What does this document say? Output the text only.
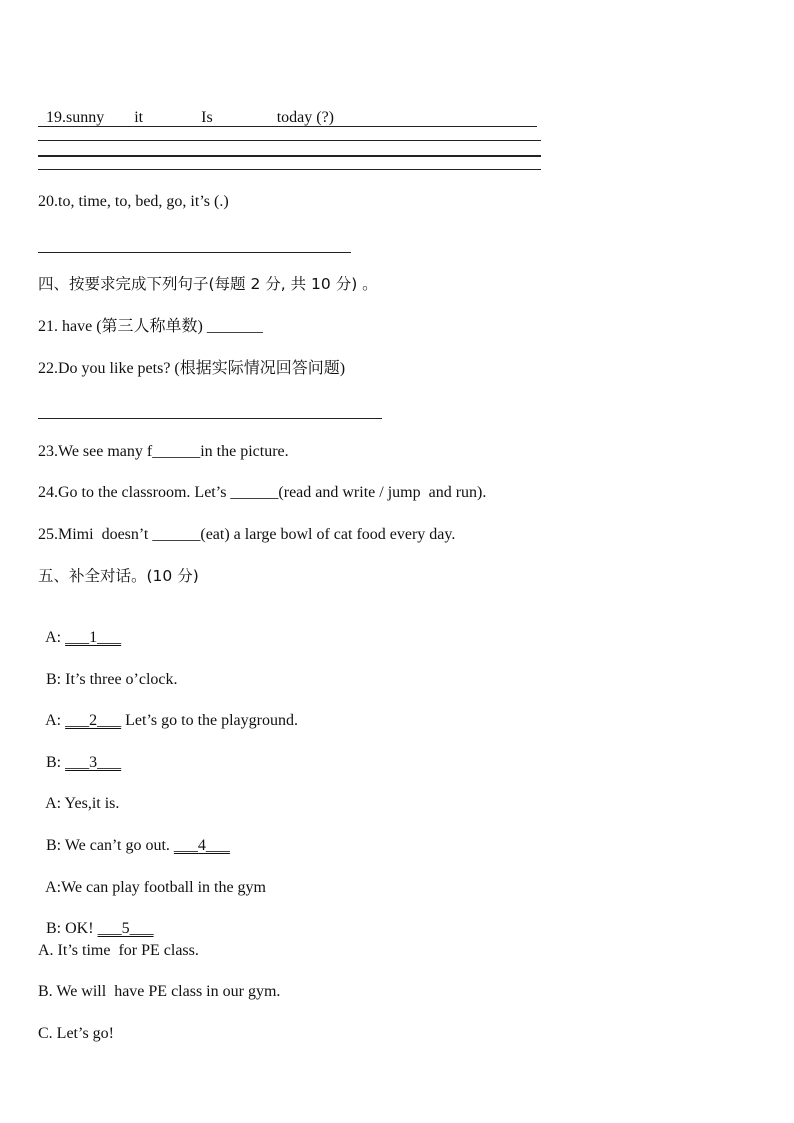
19.sunny it	Is	today (?)

20.to, time, to, bed, go, it’s (.)
四、按要求完成下列句子(每题 2 分, 共 10 分) 。
21. have (第三人称单数) _______
22.Do you like pets? (根据实际情况回答问题)
23.We see many f______in the picture.
24.Go to the classroom. Let’s ______(read and write / jump  and run).
25.Mimi  doesn’t ______(eat) a large bowl of cat food every day.
五、补全对话。(10 分)

A: ___1___

B: It’s three o’clock.

A: ___2___ Let’s go to the playground.

B: ___3___

A: Yes,it is.

B: We can’t go out. ___4___

A:We can play football in the gym

B: OK! ___5___

A. It’s time  for PE class.
B. We will  have PE class in our gym.
C. Let’s go!
